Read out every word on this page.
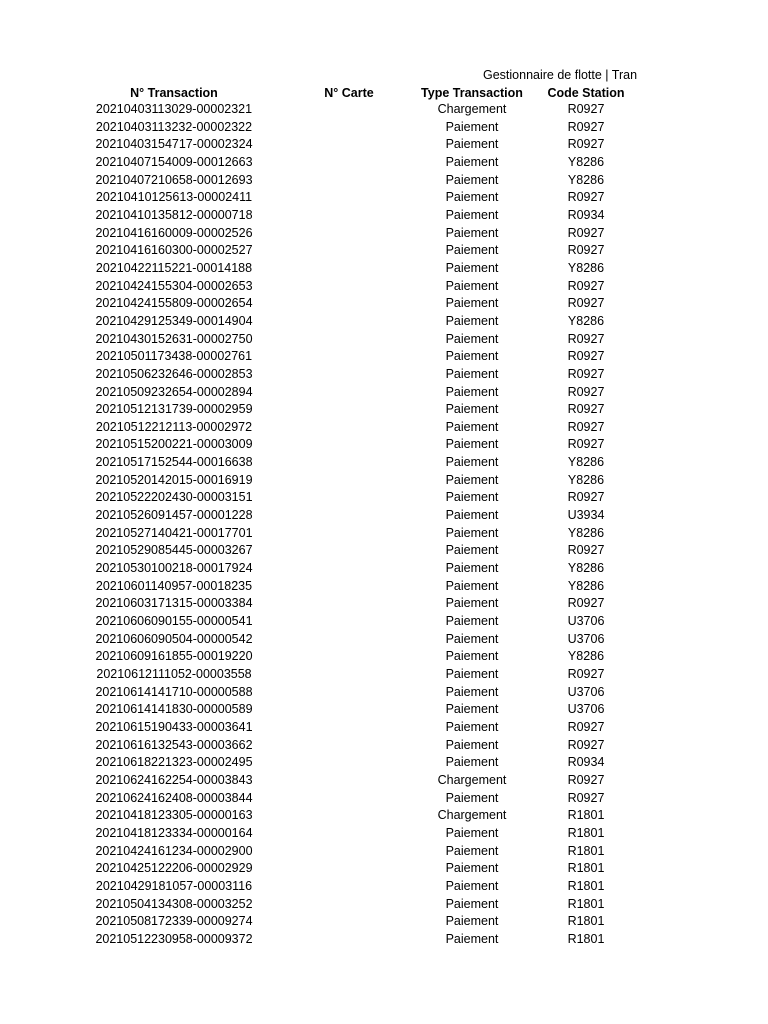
Gestionnaire de flotte | Tran
N° Transaction	N° Carte	Type Transaction	Code Station
20210403113029-00002321	Chargement	R0927
20210403113232-00002322	Paiement	R0927
20210403154717-00002324	Paiement	R0927
20210407154009-00012663	Paiement	Y8286
20210407210658-00012693	Paiement	Y8286
20210410125613-00002411	Paiement	R0927
20210410135812-00000718	Paiement	R0934
20210416160009-00002526	Paiement	R0927
20210416160300-00002527	Paiement	R0927
20210422115221-00014188	Paiement	Y8286
20210424155304-00002653	Paiement	R0927
20210424155809-00002654	Paiement	R0927
20210429125349-00014904	Paiement	Y8286
20210430152631-00002750	Paiement	R0927
20210501173438-00002761	Paiement	R0927
20210506232646-00002853	Paiement	R0927
20210509232654-00002894	Paiement	R0927
20210512131739-00002959	Paiement	R0927
20210512212113-00002972	Paiement	R0927
20210515200221-00003009	Paiement	R0927
20210517152544-00016638	Paiement	Y8286
20210520142015-00016919	Paiement	Y8286
20210522202430-00003151	Paiement	R0927
20210526091457-00001228	Paiement	U3934
20210527140421-00017701	Paiement	Y8286
20210529085445-00003267	Paiement	R0927
20210530100218-00017924	Paiement	Y8286
20210601140957-00018235	Paiement	Y8286
20210603171315-00003384	Paiement	R0927
20210606090155-00000541	Paiement	U3706
20210606090504-00000542	Paiement	U3706
20210609161855-00019220	Paiement	Y8286
20210612111052-00003558	Paiement	R0927
20210614141710-00000588	Paiement	U3706
20210614141830-00000589	Paiement	U3706
20210615190433-00003641	Paiement	R0927
20210616132543-00003662	Paiement	R0927
20210618221323-00002495	Paiement	R0934
20210624162254-00003843	Chargement	R0927
20210624162408-00003844	Paiement	R0927
20210418123305-00000163	Chargement	R1801
20210418123334-00000164	Paiement	R1801
20210424161234-00002900	Paiement	R1801
20210425122206-00002929	Paiement	R1801
20210429181057-00003116	Paiement	R1801
20210504134308-00003252	Paiement	R1801
20210508172339-00009274	Paiement	R1801
20210512230958-00009372	Paiement	R1801
